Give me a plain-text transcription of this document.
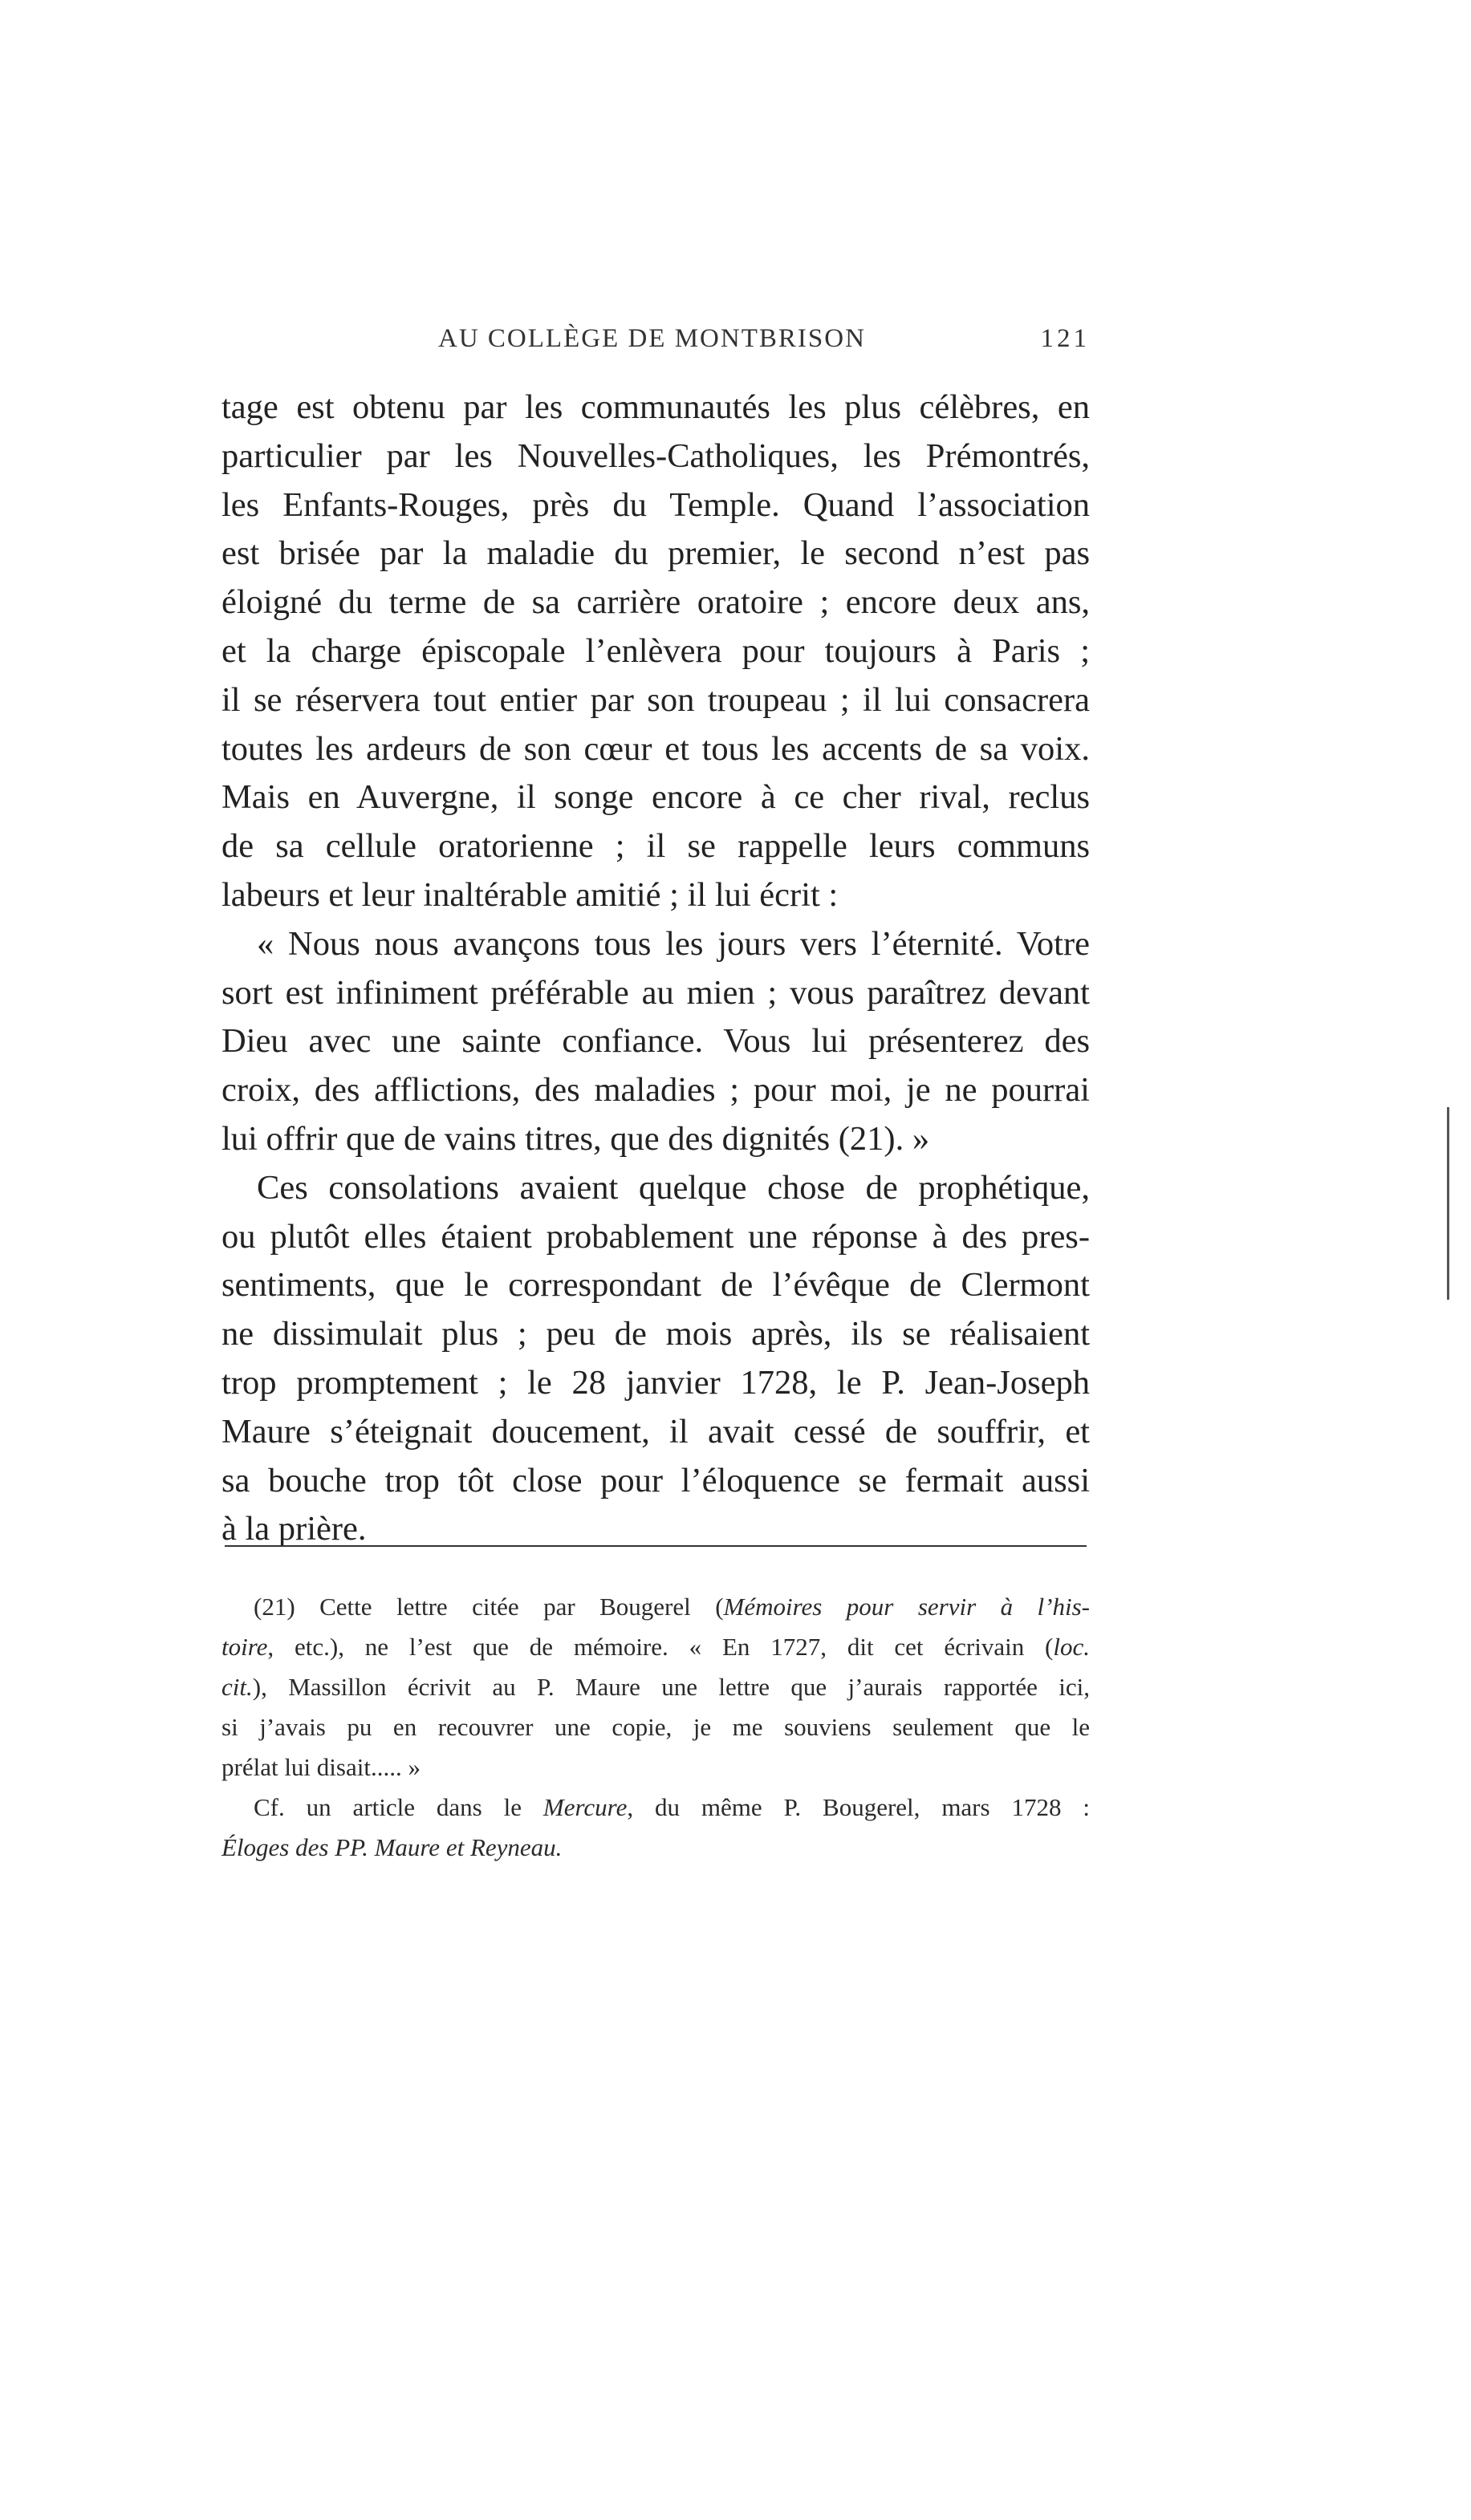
AU COLLÈGE DE MONTBRISON	121
tage est obtenu par les communautés les plus célèbres, en
particulier par les Nouvelles-Catholiques, les Prémontrés,
les Enfants-Rouges, près du Temple. Quand l’association
est brisée par la maladie du premier, le second n’est pas
éloigné du terme de sa carrière oratoire ; encore deux ans,
et la charge épiscopale l’enlèvera pour toujours à Paris ;
il se réservera tout entier par son troupeau ; il lui consacrera
toutes les ardeurs de son cœur et tous les accents de sa voix.
Mais en Auvergne, il songe encore à ce cher rival, reclus
de sa cellule oratorienne ; il se rappelle leurs communs
labeurs et leur inaltérable amitié ; il lui écrit :
« Nous nous avançons tous les jours vers l’éternité. Votre
sort est infiniment préférable au mien ; vous paraîtrez devant
Dieu avec une sainte confiance. Vous lui présenterez des
croix, des afflictions, des maladies ; pour moi, je ne pourrai
lui offrir que de vains titres, que des dignités (21). »
Ces consolations avaient quelque chose de prophétique,
ou plutôt elles étaient probablement une réponse à des pres-
sentiments, que le correspondant de l’évêque de Clermont
ne dissimulait plus ; peu de mois après, ils se réalisaient
trop promptement ; le 28 janvier 1728, le P. Jean-Joseph
Maure s’éteignait doucement, il avait cessé de souffrir, et
sa bouche trop tôt close pour l’éloquence se fermait aussi
à la prière.
(21) Cette lettre citée par Bougerel (Mémoires pour servir à l’his-
toire, etc.), ne l’est que de mémoire. « En 1727, dit cet écrivain (loc.
cit.), Massillon écrivit au P. Maure une lettre que j’aurais rapportée ici,
si j’avais pu en recouvrer une copie, je me souviens seulement que le
prélat lui disait..... »
Cf. un article dans le Mercure, du même P. Bougerel, mars 1728 :
Éloges des PP. Maure et Reyneau.
